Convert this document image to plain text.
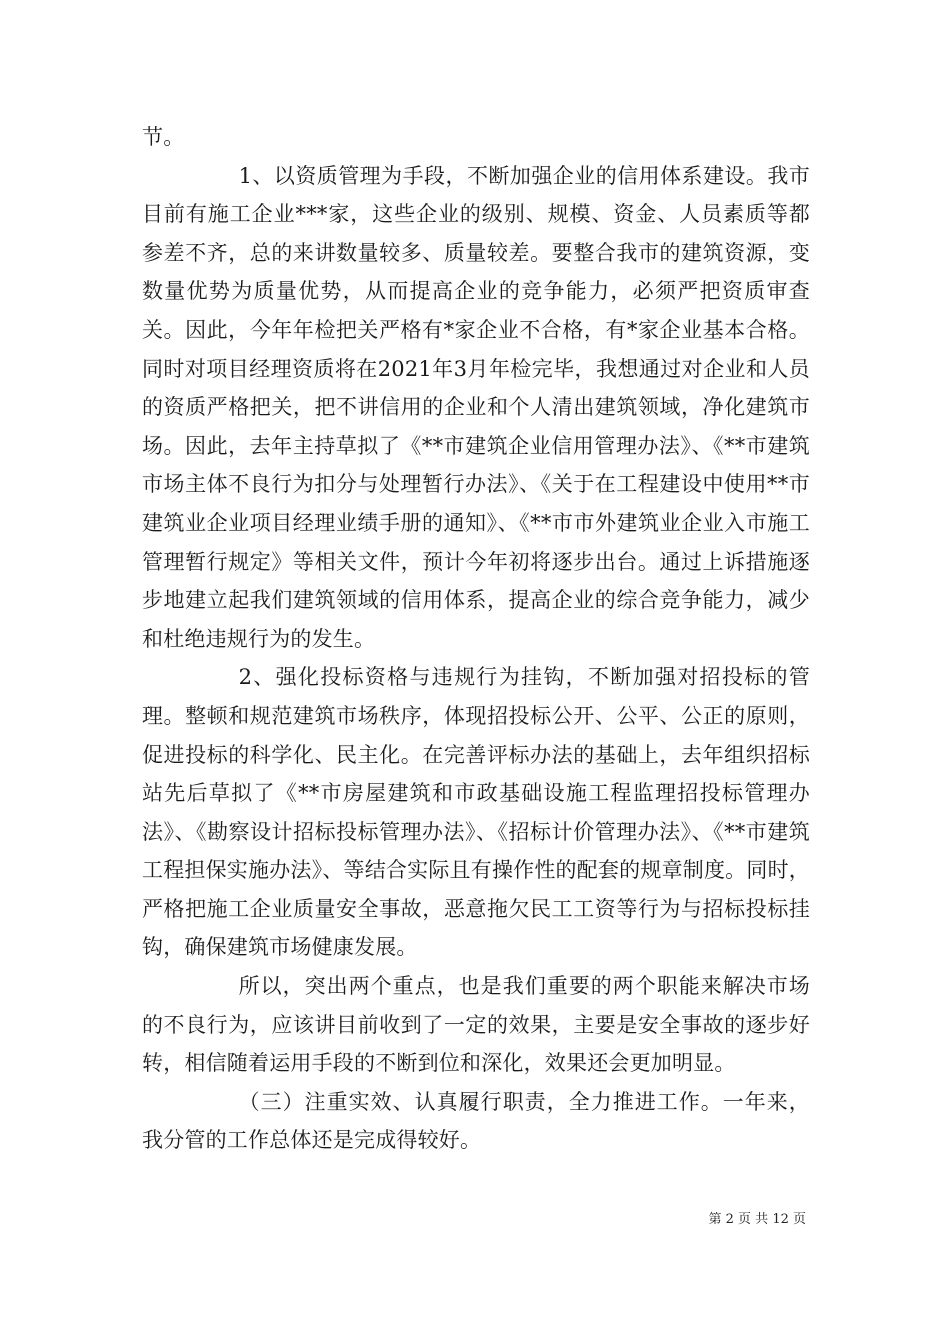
节。

1、以资质管理为手段，不断加强企业的信用体系建设。我市目前有施工企业***家，这些企业的级别、规模、资金、人员素质等都参差不齐，总的来讲数量较多、质量较差。要整合我市的建筑资源，变数量优势为质量优势，从而提高企业的竞争能力，必须严把资质审查关。因此，今年年检把关严格有*家企业不合格，有*家企业基本合格。同时对项目经理资质将在2021年3月年检完毕，我想通过对企业和人员的资质严格把关，把不讲信用的企业和个人清出建筑领域，净化建筑市场。因此，去年主持草拟了《**市建筑企业信用管理办法》、《**市建筑市场主体不良行为扣分与处理暂行办法》、《关于在工程建设中使用**市建筑业企业项目经理业绩手册的通知》、《**市市外建筑业企业入市施工管理暂行规定》等相关文件，预计今年初将逐步出台。通过上诉措施逐步地建立起我们建筑领域的信用体系，提高企业的综合竞争能力，减少和杜绝违规行为的发生。

2、强化投标资格与违规行为挂钩，不断加强对招投标的管理。整顿和规范建筑市场秩序，体现招投标公开、公平、公正的原则，促进投标的科学化、民主化。在完善评标办法的基础上，去年组织招标站先后草拟了《**市房屋建筑和市政基础设施工程监理招投标管理办法》、《勘察设计招标投标管理办法》、《招标计价管理办法》、《**市建筑工程担保实施办法》、等结合实际且有操作性的配套的规章制度。同时，严格把施工企业质量安全事故，恶意拖欠民工工资等行为与招标投标挂钩，确保建筑市场健康发展。

所以，突出两个重点，也是我们重要的两个职能来解决市场的不良行为，应该讲目前收到了一定的效果，主要是安全事故的逐步好转，相信随着运用手段的不断到位和深化，效果还会更加明显。

（三）注重实效、认真履行职责，全力推进工作。一年来，我分管的工作总体还是完成得较好。

第 2 页 共 12 页
